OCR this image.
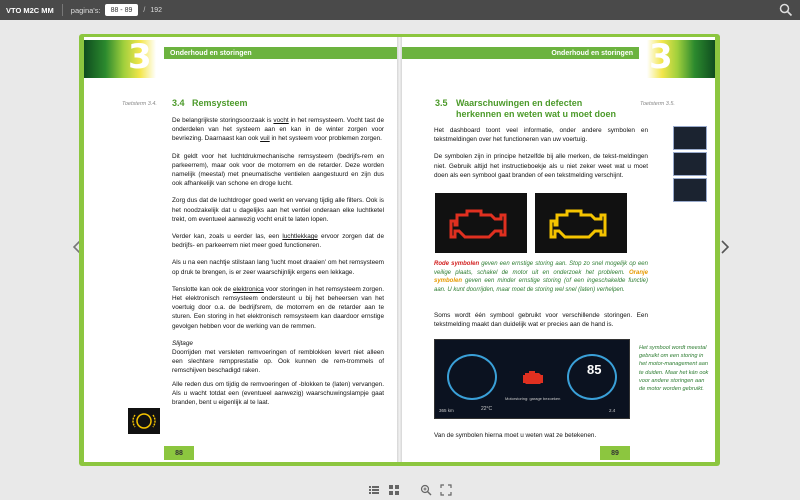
VTO M2C MM pagina's:	88 - 89	/ 192
3	Onderhoud en storingen
Toetsterm 3.4. 3.4 Remsysteem

De belangrijkste storingsoorzaak is vocht in het remsysteem. Vocht tast de onderdelen van het systeem aan en kan in de winter zorgen voor bevriezing. Daarnaast kan ook vuil in het systeem voor problemen zorgen.

Dit geldt voor het luchtdrukmechanische remsysteem (bedrijfs-rem en parkeerrem), maar ook voor de motorrem en de retarder. Deze worden namelijk (meestal) met pneumatische ventielen aangestuurd en zijn dus ook afhankelijk van schone en droge lucht.

Zorg dus dat de luchtdroger goed werkt en vervang tijdig alle filters. Ook is het noodzakelijk dat u dagelijks aan het ventiel onderaan elke luchtketel trekt, om eventueel aanwezig vocht eruit te laten lopen.

Verder kan, zoals u eerder las, een luchtlekkage ervoor zorgen dat de bedrijfs- en parkeerrem niet meer goed functioneren.

Als u na een nachtje stilstaan lang 'lucht moet draaien' om het remsysteem op druk te brengen, is er zeer waarschijnlijk ergens een lekkage.

Tenslotte kan ook de elektronica voor storingen in het remsysteem zorgen. Het elektronisch remsysteem ondersteunt u bij het beheersen van het voertuig door o.a. de bedrijfsrem, de motorrem en de retarder aan te sturen. Een storing in het elektronisch remsysteem kan daardoor ernstige gevolgen hebben voor de werking van de remmen.

Slijtage
Doorrijden met versleten remvoeringen of remblokken levert niet alleen een slechtere rempprestatie op. Ook kunnen de rem-trommels of remschijven beschadigd raken.

Alle reden dus om tijdig de remvoeringen of -blokken te (laten) vervangen. Als u wacht totdat een (eventueel aanwezig) waarschuwingslampje gaat branden, bent u eigenlijk al te laat.

88
3
Onderhoud en storingen
3.5 Waarschuwingen en defecten
herkennen en weten wat u moet doen
Toetsterm 3.5.

Het dashboard toont veel informatie, onder andere symbolen en tekstmeldingen over het functioneren van uw voertuig.

De symbolen zijn in principe hetzelfde bij alle merken, de tekst-meldingen niet. Gebruik altijd het instructieboekje als u niet zeker weet wat u moet doen als een symbool gaat branden of een tekstmelding verschijnt.

Rode symbolen geven een ernstige storing aan. Stop zo snel mogelijk op een veilige plaats, schakel de motor uit en onderzoek het probleem. Oranje symbolen geven een minder ernstige storing (of een ingeschakelde functie) aan. U kunt doorrijden, maar moet de storing wel snel (laten) verhelpen.

Soms wordt één symbool gebruikt voor verschillende storingen. Een tekstmelding maakt dan duidelijk wat er precies aan de hand is.

85
Motorstoring: garage bezoeken
22°C
365 km	2.4
Het symbool wordt meestal gebruikt om een storing in het motor-management aan te duiden. Maar het kán ook voor andere storingen aan de motor worden gebruikt.

Van de symbolen hierna moet u weten wat ze betekenen.

89
